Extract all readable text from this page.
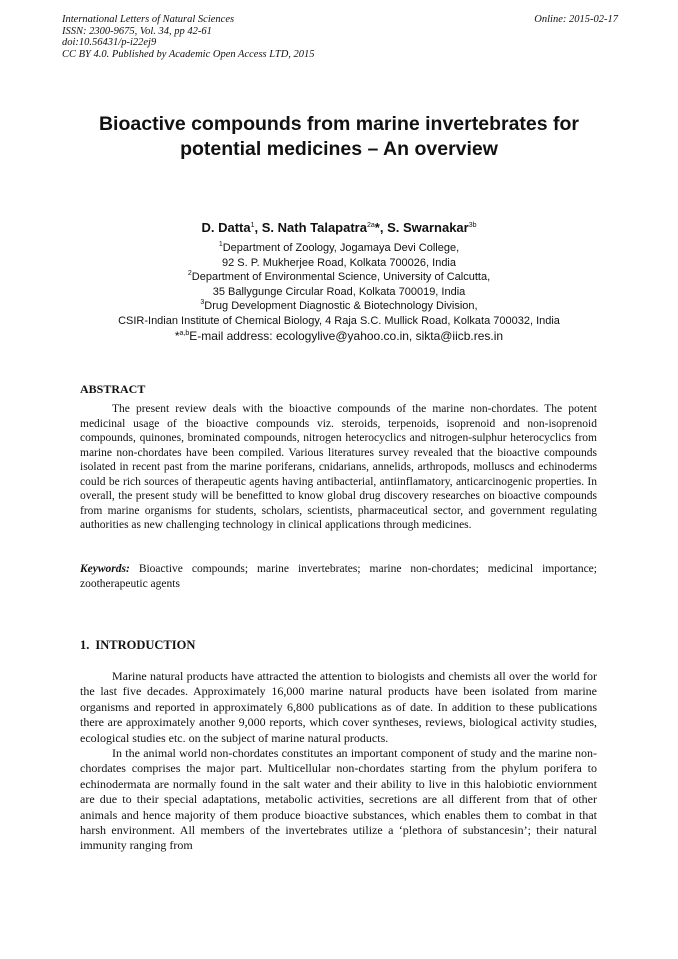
International Letters of Natural Sciences
ISSN: 2300-9675, Vol. 34, pp 42-61
doi:10.56431/p-i22ej9
CC BY 4.0. Published by Academic Open Access LTD, 2015
Online: 2015-02-17
Bioactive compounds from marine invertebrates for
potential medicines – An overview
D. Datta$^1$, S. Nath Talapatra$^{2a}$*, S. Swarnakar$^{3b}$

$^1$Department of Zoology, Jogamaya Devi College,

92 S. P. Mukherjee Road, Kolkata 700026, India

$^2$Department of Environmental Science, University of Calcutta,

35 Ballygunge Circular Road, Kolkata 700019, India

$^3$Drug Development Diagnostic & Biotechnology Division,

CSIR-Indian Institute of Chemical Biology, 4 Raja S.C. Mullick Road, Kolkata 700032, India

*$^{a,b}$E-mail address: ecologylive@yahoo.co.in, sikta@iicb.res.in

ABSTRACT

The present review deals with the bioactive compounds of the marine non-chordates. The potent medicinal usage of the bioactive compounds viz. steroids, terpenoids, isoprenoid and non-isoprenoid compounds, quinones, brominated compounds, nitrogen heterocyclics and nitrogen-sulphur heterocyclics from marine non-chordates have been compiled. Various literatures survey revealed that the bioactive compounds isolated in recent past from the marine poriferans, cnidarians, annelids, arthropods, molluscs and echinoderms could be rich sources of therapeutic agents having antibacterial, antiinflamatory, anticarcinogenic properties. In overall, the present study will be benefitted to know global drug discovery researches on bioactive compounds from marine organisms for students, scholars, scientists, pharmaceutical sector, and government regulating authorities as new challenging technology in clinical applications through medicines.

Keywords: Bioactive compounds; marine invertebrates; marine non-chordates; medicinal importance; zootherapeutic agents

1. INTRODUCTION

Marine natural products have attracted the attention to biologists and chemists all over the world for the last five decades. Approximately 16,000 marine natural products have been isolated from marine organisms and reported in approximately 6,800 publications as of date. In addition to these publications there are approximately another 9,000 reports, which cover syntheses, reviews, biological activity studies, ecological studies etc. on the subject of marine natural products.

In the animal world non-chordates constitutes an important component of study and the marine non-chordates comprises the major part. Multicellular non-chordates starting from the phylum porifera to echinodermata are normally found in the salt water and their ability to live in this halobiotic enviornment are due to their special adaptations, metabolic activities, secretions are all different from that of other animals and hence majority of them produce bioactive substances, which enables them to combat in that harsh environment. All members of the invertebrates utilize a ‘plethora of substancesin’; their natural immunity ranging from
